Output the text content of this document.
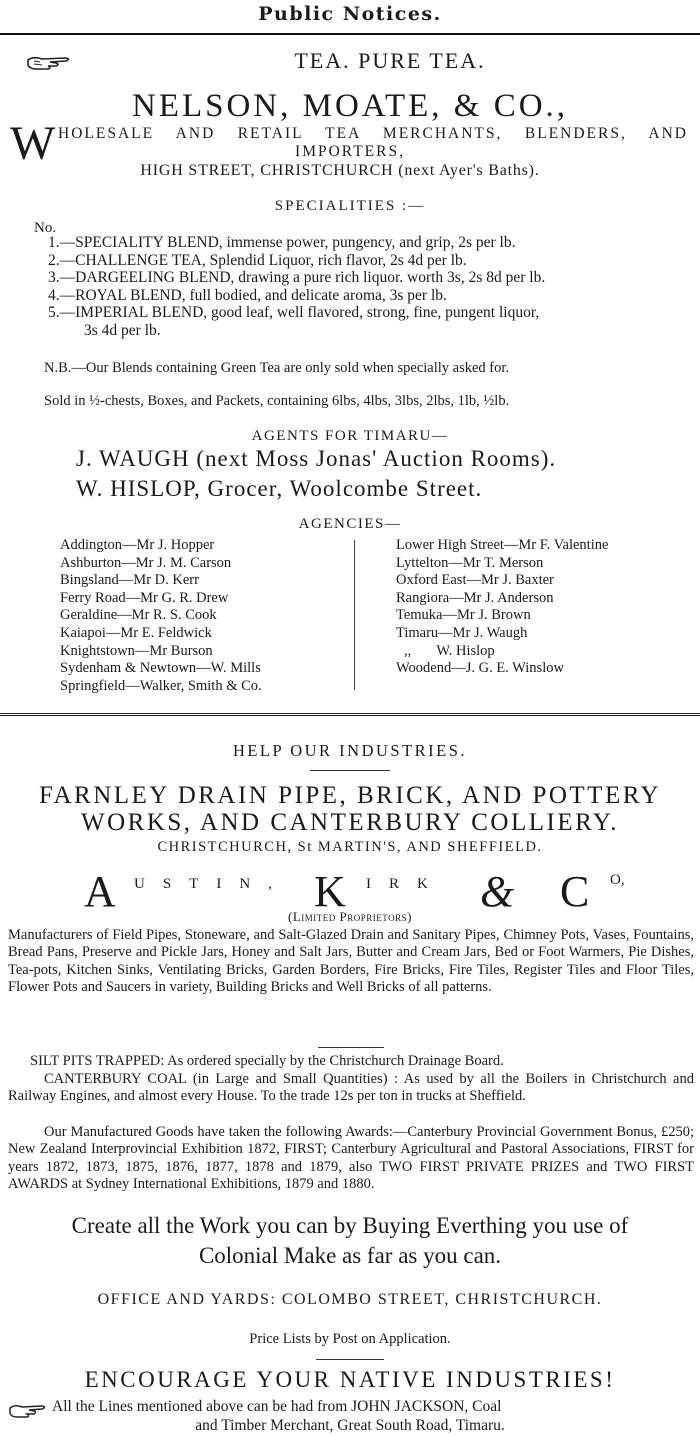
Public Notices.
TEA. PURE TEA.
NELSON, MOATE, & CO.,
W HOLESALE AND RETAIL TEA MERCHANTS, BLENDERS, AND
IMPORTERS,
HIGH STREET, CHRISTCHURCH (next Ayer's Baths).
SPECIALITIES :—
No.
1.—SPECIALITY BLEND, immense power, pungency, and grip, 2s per lb.
2.—CHALLENGE TEA, Splendid Liquor, rich flavor, 2s 4d per lb.
3.—DARGEELING BLEND, drawing a pure rich liquor. worth 3s, 2s 8d per lb.
4.—ROYAL BLEND, full bodied, and delicate aroma, 3s per lb.
5.—IMPERIAL BLEND, good leaf, well flavored, strong, fine, pungent liquor,
3s 4d per lb.
N.B.—Our Blends containing Green Tea are only sold when specially asked for.
Sold in ½-chests, Boxes, and Packets, containing 6lbs, 4lbs, 3lbs, 2lbs, 1lb, ½lb.
AGENTS FOR TIMARU—
J. WAUGH (next Moss Jonas' Auction Rooms).
W. HISLOP, Grocer, Woolcombe Street.
AGENCIES—
Addington—Mr J. Hopper
Ashburton—Mr J. M. Carson
Bingsland—Mr D. Kerr
Ferry Road—Mr G. R. Drew
Geraldine—Mr R. S. Cook
Kaiapoi—Mr E. Feldwick
Knightstown—Mr Burson
Sydenham & Newtown—W. Mills
Springfield—Walker, Smith & Co.
Lower High Street—Mr F. Valentine
Lyttelton—Mr T. Merson
Oxford East—Mr J. Baxter
Rangiora—Mr J. Anderson
Temuka—Mr J. Brown
Timaru—Mr J. Waugh
,,       W. Hislop
Woodend—J. G. E. Winslow
HELP OUR INDUSTRIES.
FARNLEY DRAIN PIPE, BRICK, AND POTTERY
WORKS, AND CANTERBURY COLLIERY.
CHRISTCHURCH, St MARTIN'S, AND SHEFFIELD.
A USTIN, K IRK & C O,
(Limited Proprietors)
Manufacturers of Field Pipes, Stoneware, and Salt-Glazed Drain and Sanitary Pipes, Chimney Pots, Vases, Fountains, Bread Pans, Preserve and Pickle Jars, Honey and Salt Jars, Butter and Cream Jars, Bed or Foot Warmers, Pie Dishes, Tea-pots, Kitchen Sinks, Ventilating Bricks, Garden Borders, Fire Bricks, Fire Tiles, Register Tiles and Floor Tiles, Flower Pots and Saucers in variety, Building Bricks and Well Bricks of all patterns.
SILT PITS TRAPPED: As ordered specially by the Christchurch Drainage Board.
CANTERBURY COAL (in Large and Small Quantities) : As used by all the Boilers in Christchurch and Railway Engines, and almost every House. To the trade 12s per ton in trucks at Sheffield.
Our Manufactured Goods have taken the following Awards:—Canterbury Provincial Government Bonus, £250; New Zealand Interprovincial Exhibition 1872, FIRST; Canterbury Agricultural and Pastoral Associations, FIRST for years 1872, 1873, 1875, 1876, 1877, 1878 and 1879, also TWO FIRST PRIVATE PRIZES and TWO FIRST AWARDS at Sydney International Exhibitions, 1879 and 1880.
Create all the Work you can by Buying Everthing you use of
Colonial Make as far as you can.
OFFICE AND YARDS: COLOMBO STREET, CHRISTCHURCH.
Price Lists by Post on Application.
ENCOURAGE YOUR NATIVE INDUSTRIES!
All the Lines mentioned above can be had from JOHN JACKSON, Coal
and Timber Merchant, Great South Road, Timaru.
